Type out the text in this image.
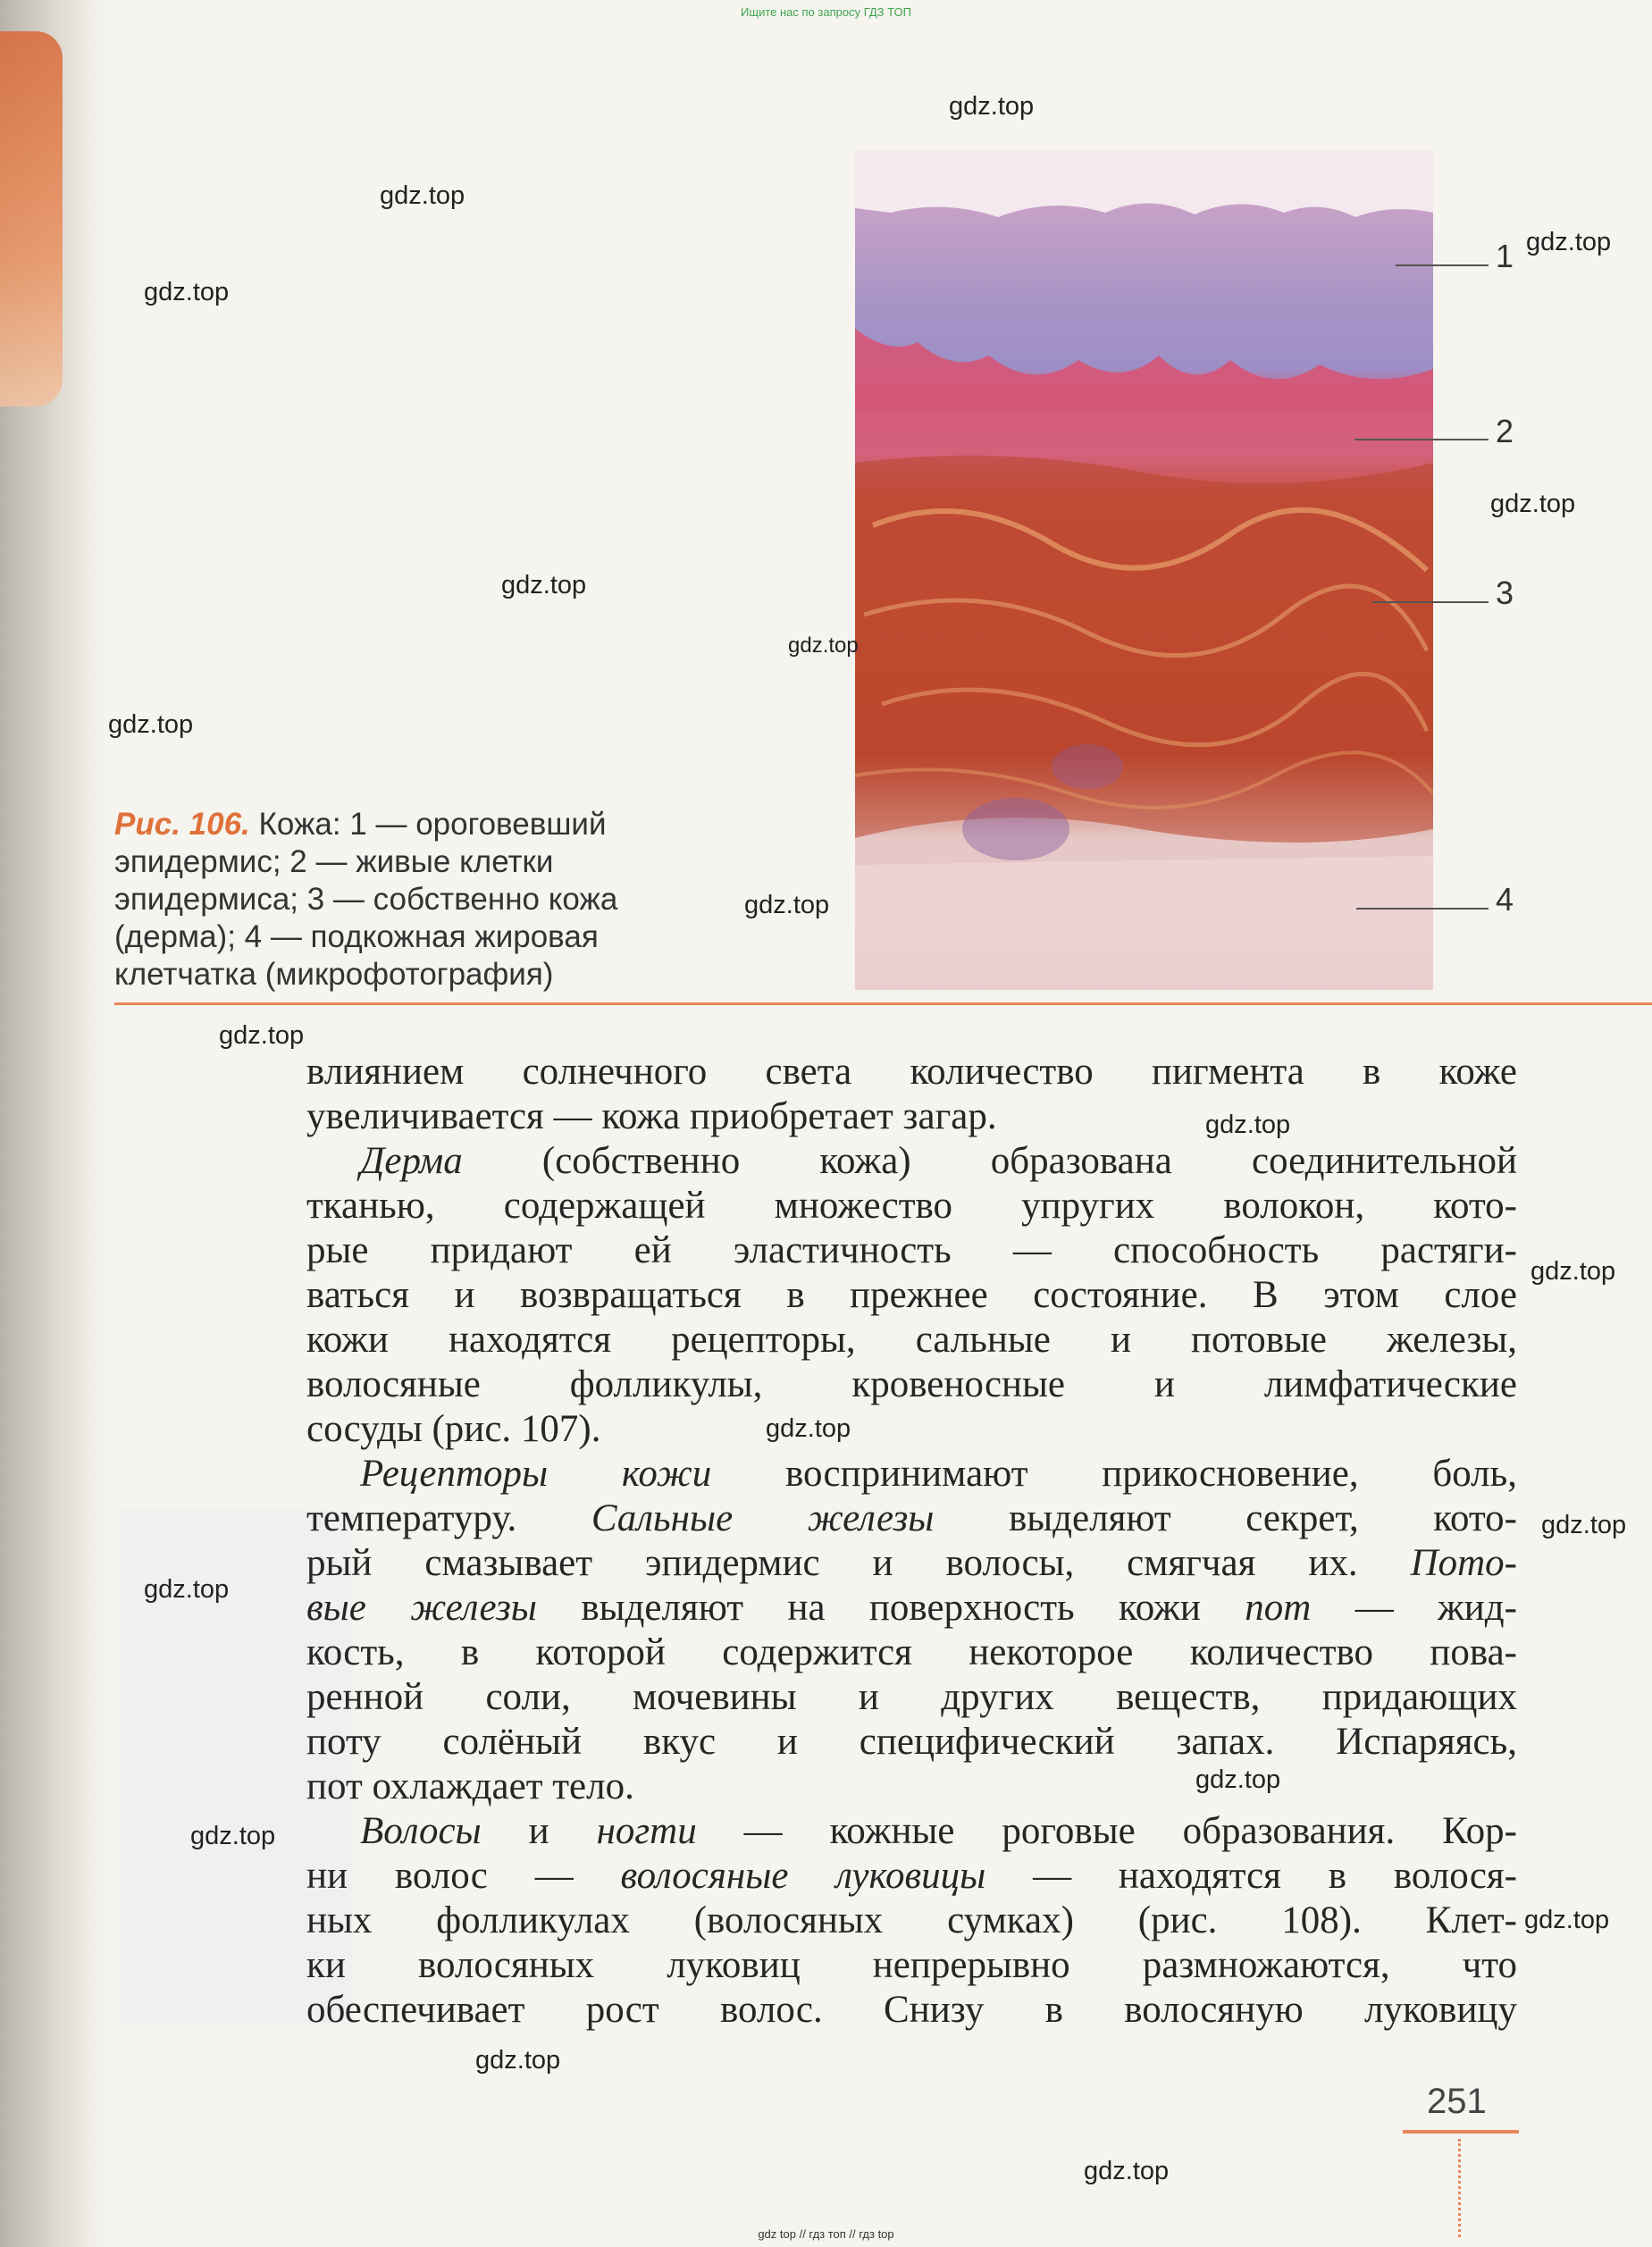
Ищите нас по запросу ГДЗ ТОП
1
2
3
4
Рис. 106. Кожа: 1 — ороговевший эпидермис; 2 — живые клетки эпидермиса; 3 — собственно кожа (дерма); 4 — подкожная жировая клетчатка (микрофотография)
влиянием солнечного света количество пигмента в коже
увеличивается — кожа приобретает загар.
Дерма (собственно кожа) образована соединительной
тканью, содержащей множество упругих волокон, кото-
рые придают ей эластичность — способность растяги-
ваться и возвращаться в прежнее состояние. В этом слое
кожи находятся рецепторы, сальные и потовые железы,
волосяные фолликулы, кровеносные и лимфатические
сосуды (рис. 107).
Рецепторы кожи воспринимают прикосновение, боль,
температуру. Сальные железы выделяют секрет, кото-
рый смазывает эпидермис и волосы, смягчая их. Пото-
вые железы выделяют на поверхность кожи пот — жид-
кость, в которой содержится некоторое количество пова-
ренной соли, мочевины и других веществ, придающих
поту солёный вкус и специфический запах. Испаряясь,
пот охлаждает тело.
Волосы и ногти — кожные роговые образования. Кор-
ни волос — волосяные луковицы — находятся в волося-
ных фолликулах (волосяных сумках) (рис. 108). Клет-
ки волосяных луковиц непрерывно размножаются, что
обеспечивает рост волос. Снизу в волосяную луковицу
251
gdz.top
gdz.top
gdz.top
gdz.top
gdz.top
gdz.top
gdz.top
gdz.top
gdz.top
gdz.top
gdz.top
gdz.top
gdz.top
gdz.top
gdz.top
gdz.top
gdz.top
gdz.top
gdz.top
gdz.top
gdz top // гдз топ // гдз top
